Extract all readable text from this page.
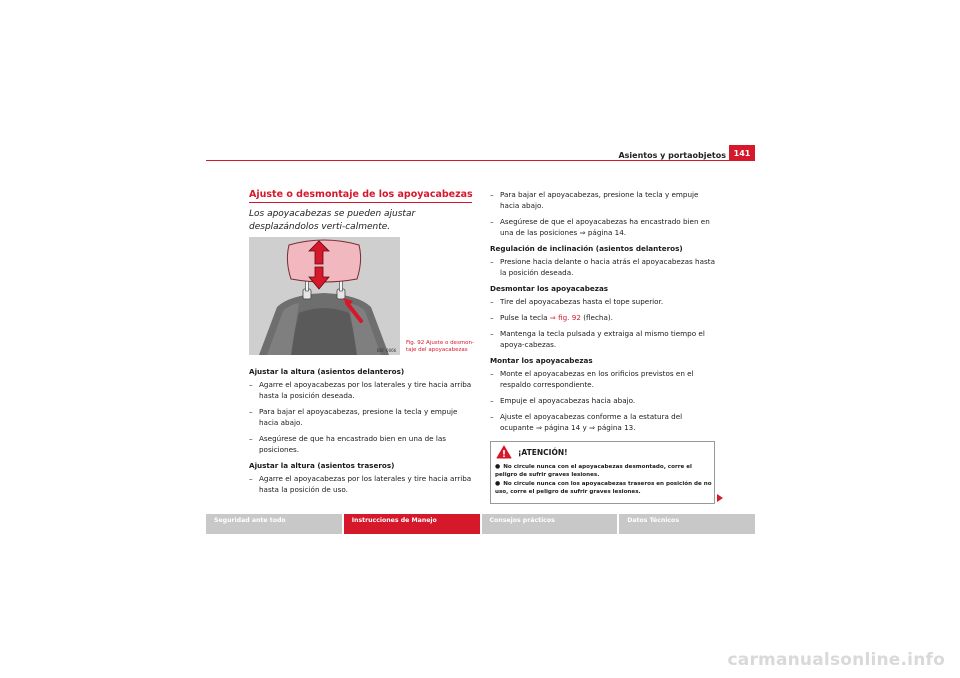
Asientos y portaobjetos 141
Ajuste o desmontaje de los apoyacabezas
Los apoyacabezas se pueden ajustar desplazándolos verti-calmente.
B5F-0066
Fig. 92 Ajuste o desmon-taje del apoyacabezas
Ajustar la altura (asientos delanteros)
– Agarre el apoyacabezas por los laterales y tire hacia arriba hasta la posición deseada.
– Para bajar el apoyacabezas, presione la tecla y empuje hacia abajo.
– Asegúrese de que ha encastrado bien en una de las posiciones.
Ajustar la altura (asientos traseros)
– Agarre el apoyacabezas por los laterales y tire hacia arriba hasta la posición de uso.
– Para bajar el apoyacabezas, presione la tecla y empuje hacia abajo.
– Asegúrese de que el apoyacabezas ha encastrado bien en una de las posiciones ⇒ página 14.
Regulación de inclinación (asientos delanteros)
– Presione hacia delante o hacia atrás el apoyacabezas hasta la posición deseada.
Desmontar los apoyacabezas
– Tire del apoyacabezas hasta el tope superior.
– Pulse la tecla ⇒ fig. 92 (flecha).
– Mantenga la tecla pulsada y extraiga al mismo tiempo el apoya-cabezas.
Montar los apoyacabezas
– Monte el apoyacabezas en los orificios previstos en el respaldo correspondiente.
– Empuje el apoyacabezas hacia abajo.
– Ajuste el apoyacabezas conforme a la estatura del ocupante ⇒ página 14 y ⇒ página 13.
¡ATENCIÓN!

● No circule nunca con el apoyacabezas desmontado, corre el peligro de sufrir graves lesiones.

● No circule nunca con los apoyacabezas traseros en posición de no uso, corre el peligro de sufrir graves lesiones.

Seguridad ante todo	Instrucciones de Manejo	Consejos prácticos	Datos Técnicos
carmanualsonline.info
